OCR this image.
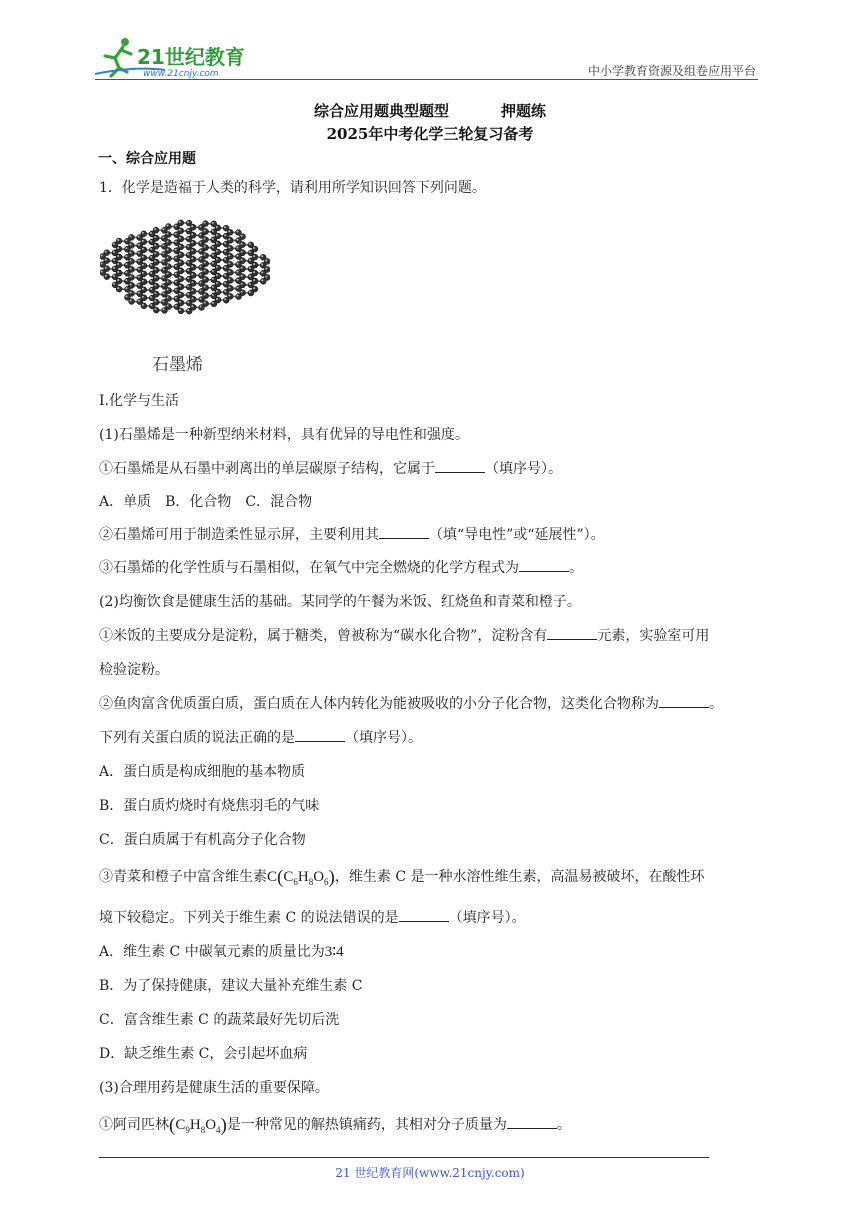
21世纪教育
www.21cnjy.com	中小学教育资源及组卷应用平台
综合应用题典型题型	押题练
2025年中考化学三轮复习备考
一、综合应用题
1．化学是造福于人类的科学，请利用所学知识回答下列问题。
石墨烯
I.化学与生活
(1)石墨烯是一种新型纳米材料，具有优异的导电性和强度。
①石墨烯是从石墨中剥离出的单层碳原子结构，它属于	（填序号）。
A．单质　B．化合物　C．混合物
②石墨烯可用于制造柔性显示屏，主要利用其	（填“导电性”或“延展性”）。
③石墨烯的化学性质与石墨相似，在氧气中完全燃烧的化学方程式为	。
(2)均衡饮食是健康生活的基础。某同学的午餐为米饭、红烧鱼和青菜和橙子。
①米饭的主要成分是淀粉，属于糖类，曾被称为“碳水化合物”，淀粉含有	元素，实验室可用
检验淀粉。
②鱼肉富含优质蛋白质，蛋白质在人体内转化为能被吸收的小分子化合物，这类化合物称为	。
下列有关蛋白质的说法正确的是	（填序号）。
A．蛋白质是构成细胞的基本物质
B．蛋白质灼烧时有烧焦羽毛的气味
C．蛋白质属于有机高分子化合物
③青菜和橙子中富含维生素$C(C_6H_8O_6)$，维生素 C 是一种水溶性维生素，高温易被破坏，在酸性环
境下较稳定。下列关于维生素 C 的说法错误的是	（填序号）。
A．维生素 C 中碳氧元素的质量比为3∶4
B．为了保持健康，建议大量补充维生素 C
C．富含维生素 C 的蔬菜最好先切后洗
D．缺乏维生素 C，会引起坏血病
(3)合理用药是健康生活的重要保障。
①阿司匹林$(C_9H_8O_4)$是一种常见的解热镇痛药，其相对分子质量为	。
21 世纪教育网(www.21cnjy.com)
